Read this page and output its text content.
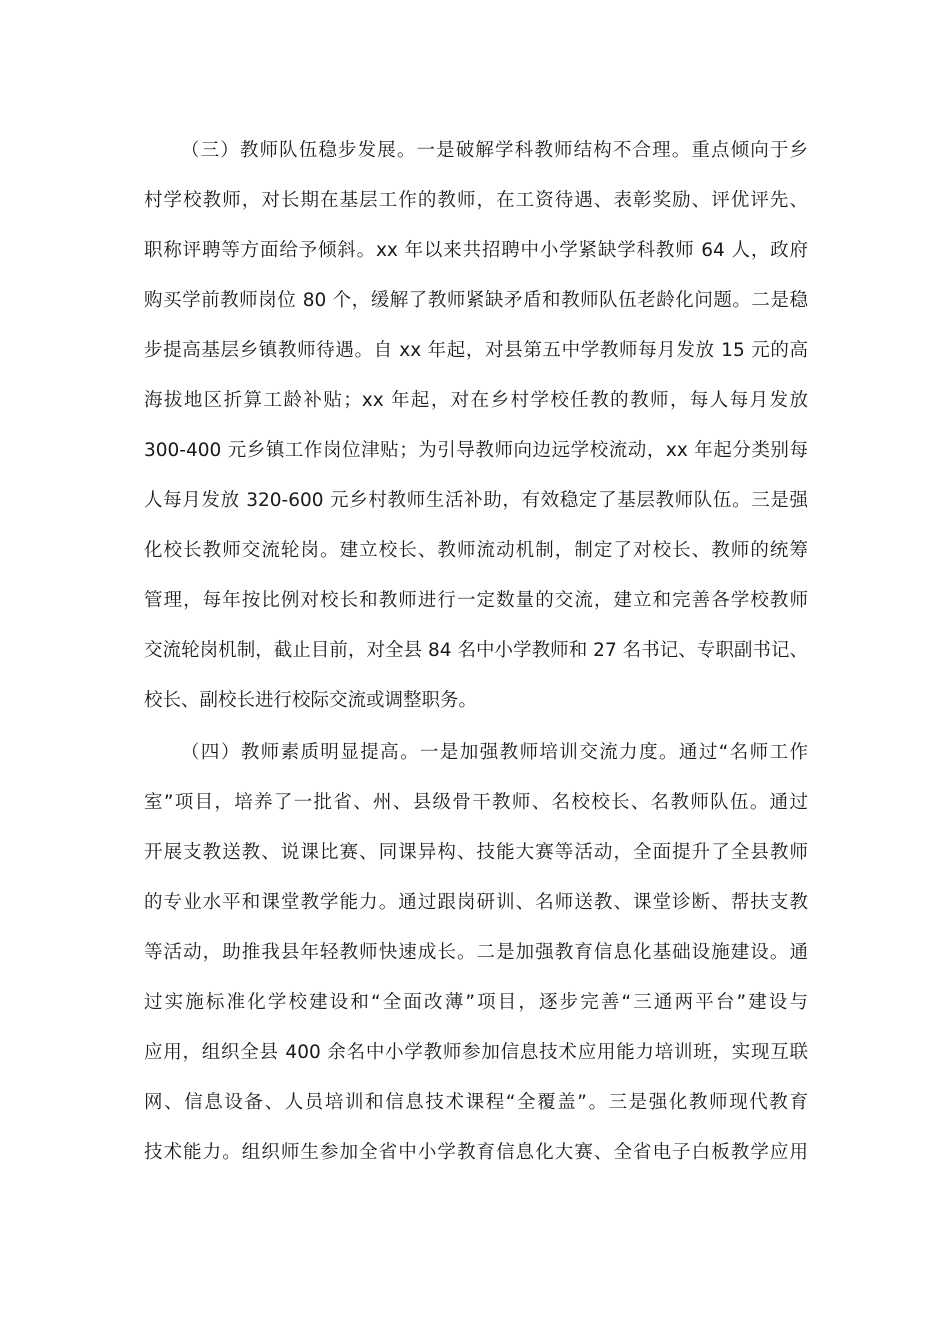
（三）教师队伍稳步发展。一是破解学科教师结构不合理。重点倾向于乡
村学校教师，对长期在基层工作的教师，在工资待遇、表彰奖励、评优评先、
职称评聘等方面给予倾斜。xx 年以来共招聘中小学紧缺学科教师 64 人，政府
购买学前教师岗位 80 个，缓解了教师紧缺矛盾和教师队伍老龄化问题。二是稳
步提高基层乡镇教师待遇。自 xx 年起，对县第五中学教师每月发放 15 元的高
海拔地区折算工龄补贴；xx 年起，对在乡村学校任教的教师，每人每月发放
300-400 元乡镇工作岗位津贴；为引导教师向边远学校流动，xx 年起分类别每
人每月发放 320-600 元乡村教师生活补助，有效稳定了基层教师队伍。三是强
化校长教师交流轮岗。建立校长、教师流动机制，制定了对校长、教师的统筹
管理，每年按比例对校长和教师进行一定数量的交流，建立和完善各学校教师
交流轮岗机制，截止目前，对全县 84 名中小学教师和 27 名书记、专职副书记、
校长、副校长进行校际交流或调整职务。
（四）教师素质明显提高。一是加强教师培训交流力度。通过“名师工作
室”项目，培养了一批省、州、县级骨干教师、名校校长、名教师队伍。通过
开展支教送教、说课比赛、同课异构、技能大赛等活动，全面提升了全县教师
的专业水平和课堂教学能力。通过跟岗研训、名师送教、课堂诊断、帮扶支教
等活动，助推我县年轻教师快速成长。二是加强教育信息化基础设施建设。通
过实施标准化学校建设和“全面改薄”项目，逐步完善“三通两平台”建设与
应用，组织全县 400 余名中小学教师参加信息技术应用能力培训班，实现互联
网、信息设备、人员培训和信息技术课程“全覆盖”。三是强化教师现代教育
技术能力。组织师生参加全省中小学教育信息化大赛、全省电子白板教学应用
